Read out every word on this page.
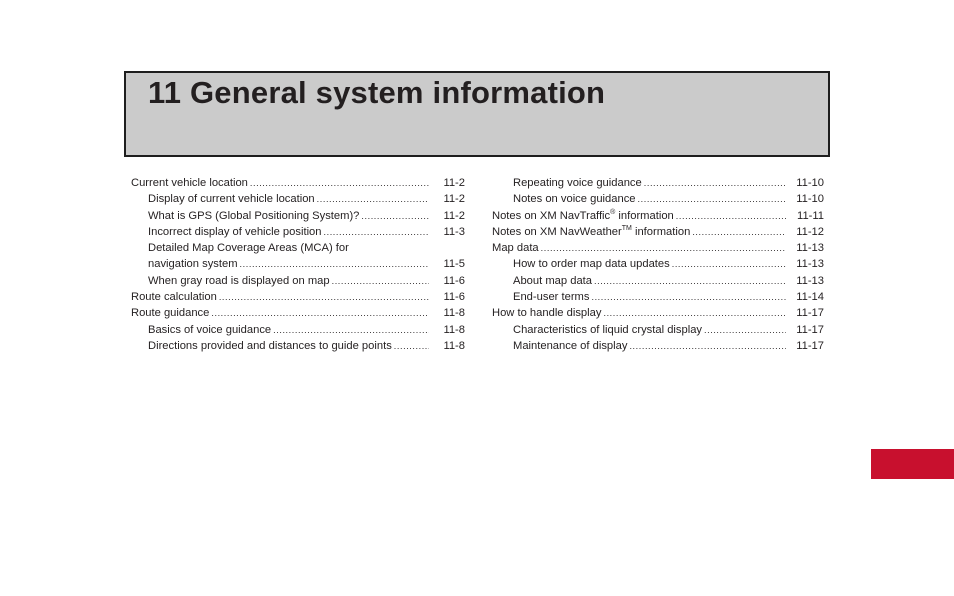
11 General system information
Current vehicle location .....	11-2
Display of current vehicle location .....	11-2
What is GPS (Global Positioning System)? .....	11-2
Incorrect display of vehicle position .....	11-3
Detailed Map Coverage Areas (MCA) for
navigation system .....	11-5
When gray road is displayed on map .....	11-6
Route calculation .....	11-6
Route guidance .....	11-8
Basics of voice guidance .....	11-8
Directions provided and distances to guide points .....	11-8
Repeating voice guidance .....	11-10
Notes on voice guidance .....	11-10
Notes on XM NavTraffic® information .....	11-11
Notes on XM NavWeather™ information .....	11-12
Map data .....	11-13
How to order map data updates .....	11-13
About map data .....	11-13
End-user terms .....	11-14
How to handle display .....	11-17
Characteristics of liquid crystal display .....	11-17
Maintenance of display .....	11-17
